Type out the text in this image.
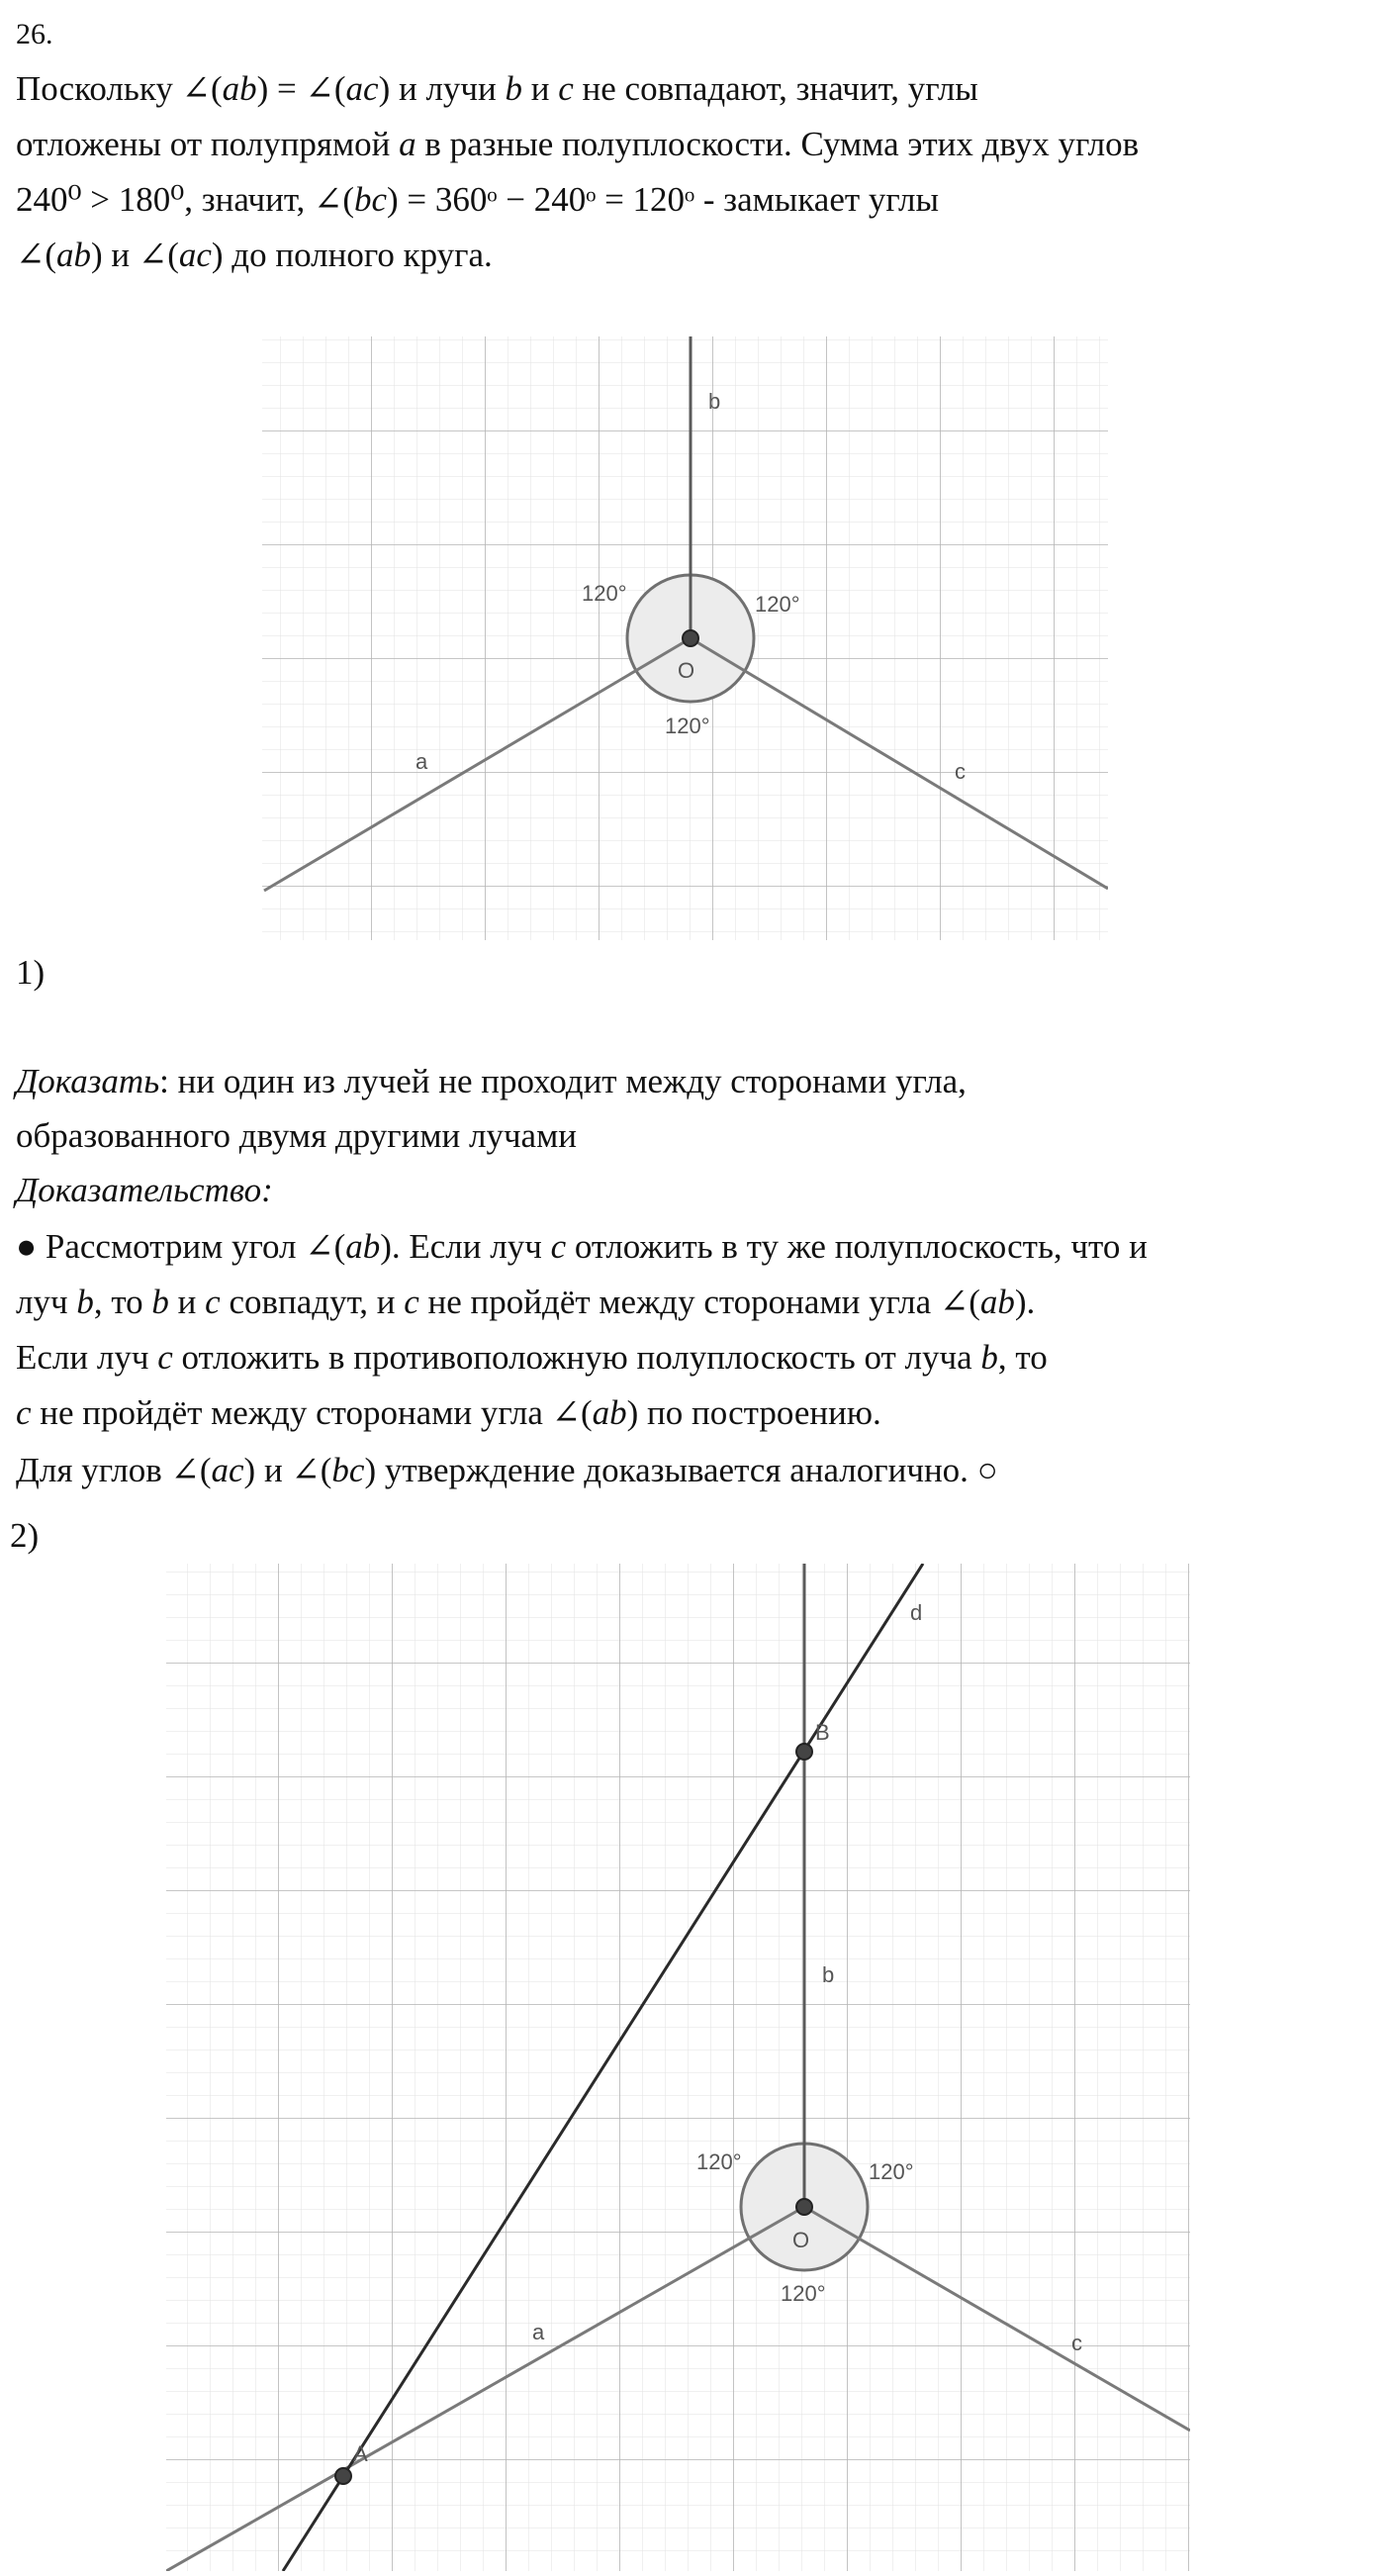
26.
Поскольку ∠(ab) = ∠(ac) и лучи b и c не совпадают, значит, углы
отложены от полупрямой a в разные полуплоскости. Сумма этих двух углов
240⁰ > 180⁰, значит, ∠(bc) = 360ᵒ − 240ᵒ = 120ᵒ - замыкает углы
∠(ab) и ∠(ac) до полного круга.
b
a	c
O
120°	120°
120°
1)
Доказать: ни один из лучей не проходит между сторонами угла,
образованного двумя другими лучами
Доказательство:
● Рассмотрим угол ∠(ab). Если луч c отложить в ту же полуплоскость, что и
луч b, то b и c совпадут, и c не пройдёт между сторонами угла ∠(ab).
Если луч c отложить в противоположную полуплоскость от луча b, то
c не пройдёт между сторонами угла ∠(ab) по построению.
Для углов ∠(ac) и ∠(bc) утверждение доказывается аналогично. ○
2)
d
B
b
a	c
O
A
120°	120°
120°
